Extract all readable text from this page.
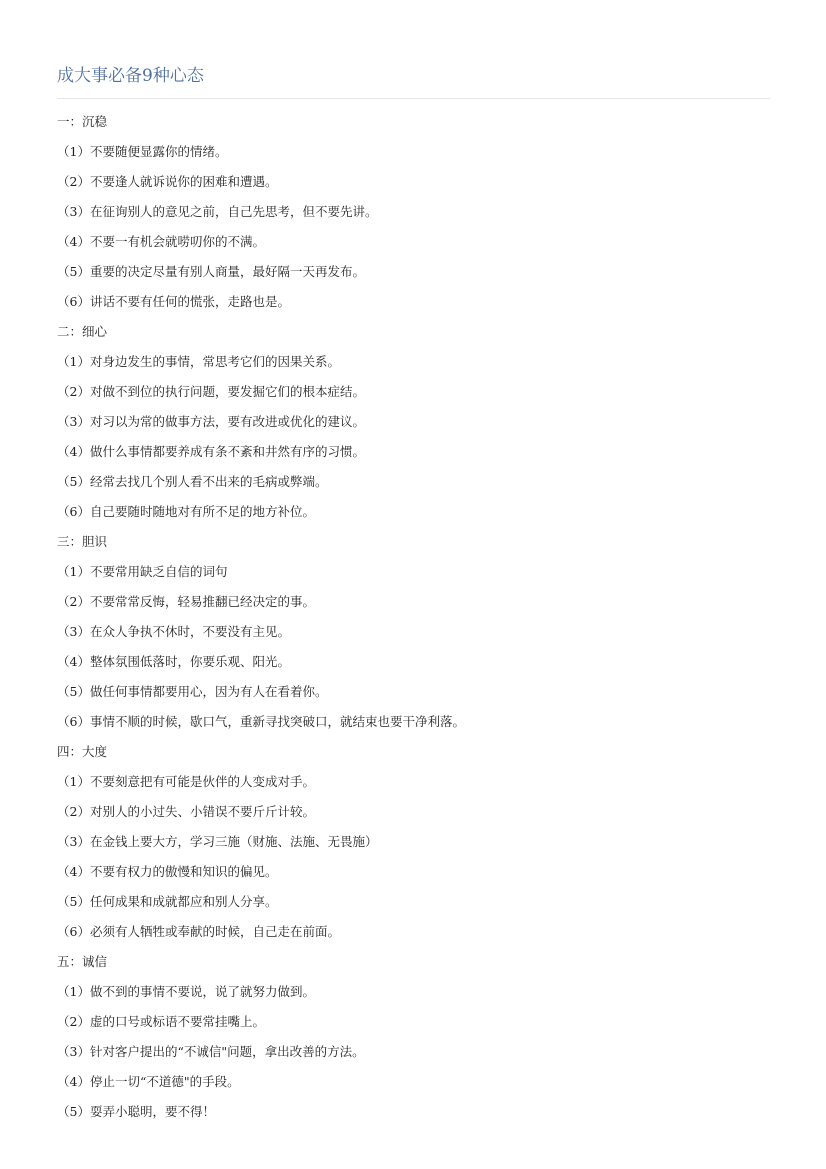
成大事必备9种心态
一：沉稳
（1）不要随便显露你的情绪。
（2）不要逢人就诉说你的困难和遭遇。
（3）在征询别人的意见之前，自己先思考，但不要先讲。
（4）不要一有机会就唠叨你的不满。
（5）重要的决定尽量有别人商量，最好隔一天再发布。
（6）讲话不要有任何的慌张，走路也是。
二：细心
（1）对身边发生的事情，常思考它们的因果关系。
（2）对做不到位的执行问题，要发掘它们的根本症结。
（3）对习以为常的做事方法，要有改进或优化的建议。
（4）做什么事情都要养成有条不紊和井然有序的习惯。
（5）经常去找几个别人看不出来的毛病或弊端。
（6）自己要随时随地对有所不足的地方补位。
三：胆识
（1）不要常用缺乏自信的词句
（2）不要常常反悔，轻易推翻已经决定的事。
（3）在众人争执不休时，不要没有主见。
（4）整体氛围低落时，你要乐观、阳光。
（5）做任何事情都要用心，因为有人在看着你。
（6）事情不顺的时候，歇口气，重新寻找突破口，就结束也要干净利落。
四：大度
（1）不要刻意把有可能是伙伴的人变成对手。
（2）对别人的小过失、小错误不要斤斤计较。
（3）在金钱上要大方，学习三施（财施、法施、无畏施）
（4）不要有权力的傲慢和知识的偏见。
（5）任何成果和成就都应和别人分享。
（6）必须有人牺牲或奉献的时候，自己走在前面。
五：诚信
（1）做不到的事情不要说，说了就努力做到。
（2）虚的口号或标语不要常挂嘴上。
（3）针对客户提出的“不诚信"问题，拿出改善的方法。
（4）停止一切“不道德"的手段。
（5）耍弄小聪明，要不得！
